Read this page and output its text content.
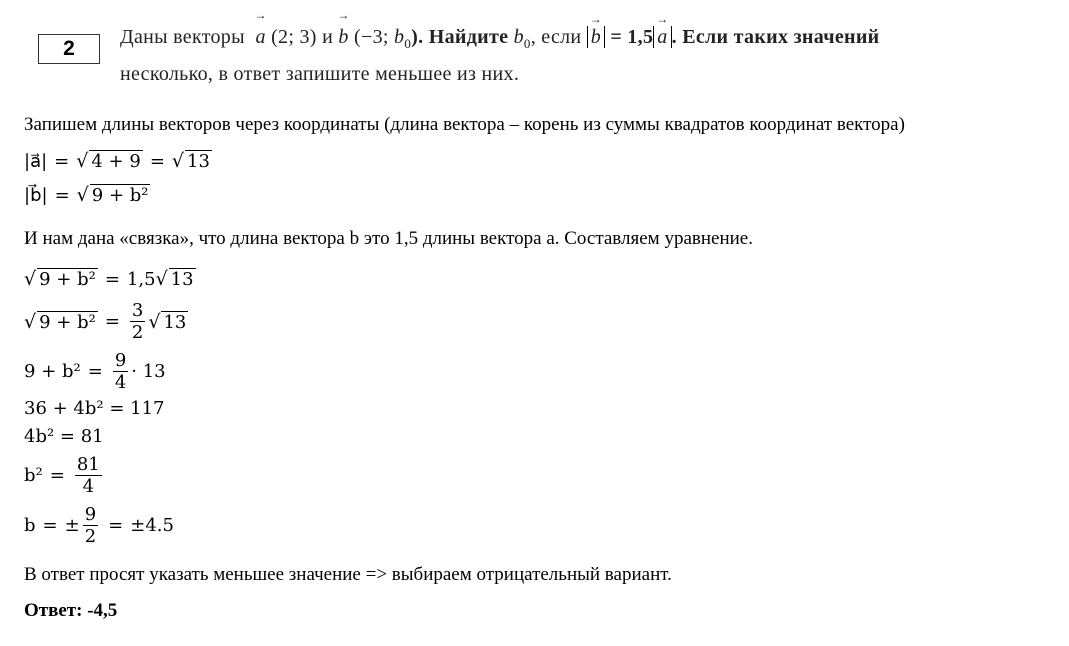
2	Даны векторы → a (2; 3) и → b (−3; $b_0$). Найдите $b_0$, если → b = 1,5 → a . Если таких значений
несколько, в ответ запишите меньшее из них.
Запишем длины векторов через координаты (длина вектора – корень из суммы квадратов координат вектора)
|a⃗| = √ 4 + 9 = √ 13
|b⃗| = √ 9 + b²
И нам дана «связка», что длина вектора b это 1,5 длины вектора a. Составляем уравнение.
√ 9 + b² = 1,5 √ 13
√ $9 + b^2 = \frac{3}{2}$ √ 13
$9 + b^2 = \frac{9}{4} \cdot 13$
36 + 4b² = 117
4b² = 81
$b^2 = \frac{81}{4}$
b = ± $\frac{9}{2} = \pm 4.5$
В ответ просят указать меньшее значение => выбираем отрицательный вариант.
Ответ: -4,5
